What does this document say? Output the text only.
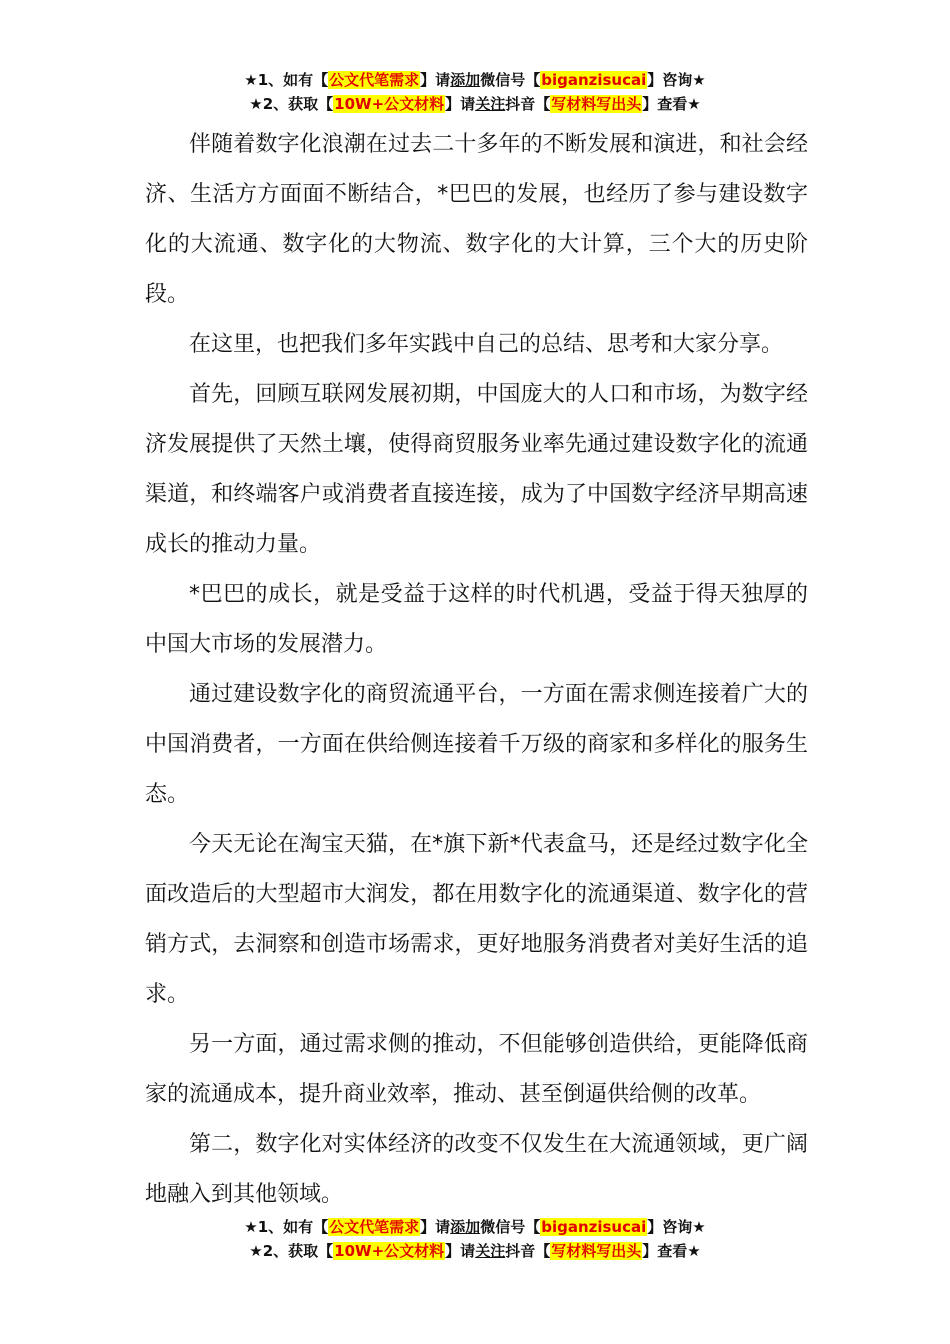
★1、如有【公文代笔需求】请添加微信号【biganzisucai】咨询★
★2、获取【10W+公文材料】请关注抖音【写材料写出头】查看★

伴随着数字化浪潮在过去二十多年的不断发展和演进，和社会经济、生活方方面面不断结合，*巴巴的发展，也经历了参与建设数字化的大流通、数字化的大物流、数字化的大计算，三个大的历史阶段。

在这里，也把我们多年实践中自己的总结、思考和大家分享。

首先，回顾互联网发展初期，中国庞大的人口和市场，为数字经济发展提供了天然土壤，使得商贸服务业率先通过建设数字化的流通渠道，和终端客户或消费者直接连接，成为了中国数字经济早期高速成长的推动力量。

*巴巴的成长，就是受益于这样的时代机遇，受益于得天独厚的中国大市场的发展潜力。

通过建设数字化的商贸流通平台，一方面在需求侧连接着广大的中国消费者，一方面在供给侧连接着千万级的商家和多样化的服务生态。

今天无论在淘宝天猫，在*旗下新*代表盒马，还是经过数字化全面改造后的大型超市大润发，都在用数字化的流通渠道、数字化的营销方式，去洞察和创造市场需求，更好地服务消费者对美好生活的追求。

另一方面，通过需求侧的推动，不但能够创造供给，更能降低商家的流通成本，提升商业效率，推动、甚至倒逼供给侧的改革。

第二，数字化对实体经济的改变不仅发生在大流通领域，更广阔地融入到其他领域。

★1、如有【公文代笔需求】请添加微信号【biganzisucai】咨询★
★2、获取【10W+公文材料】请关注抖音【写材料写出头】查看★
